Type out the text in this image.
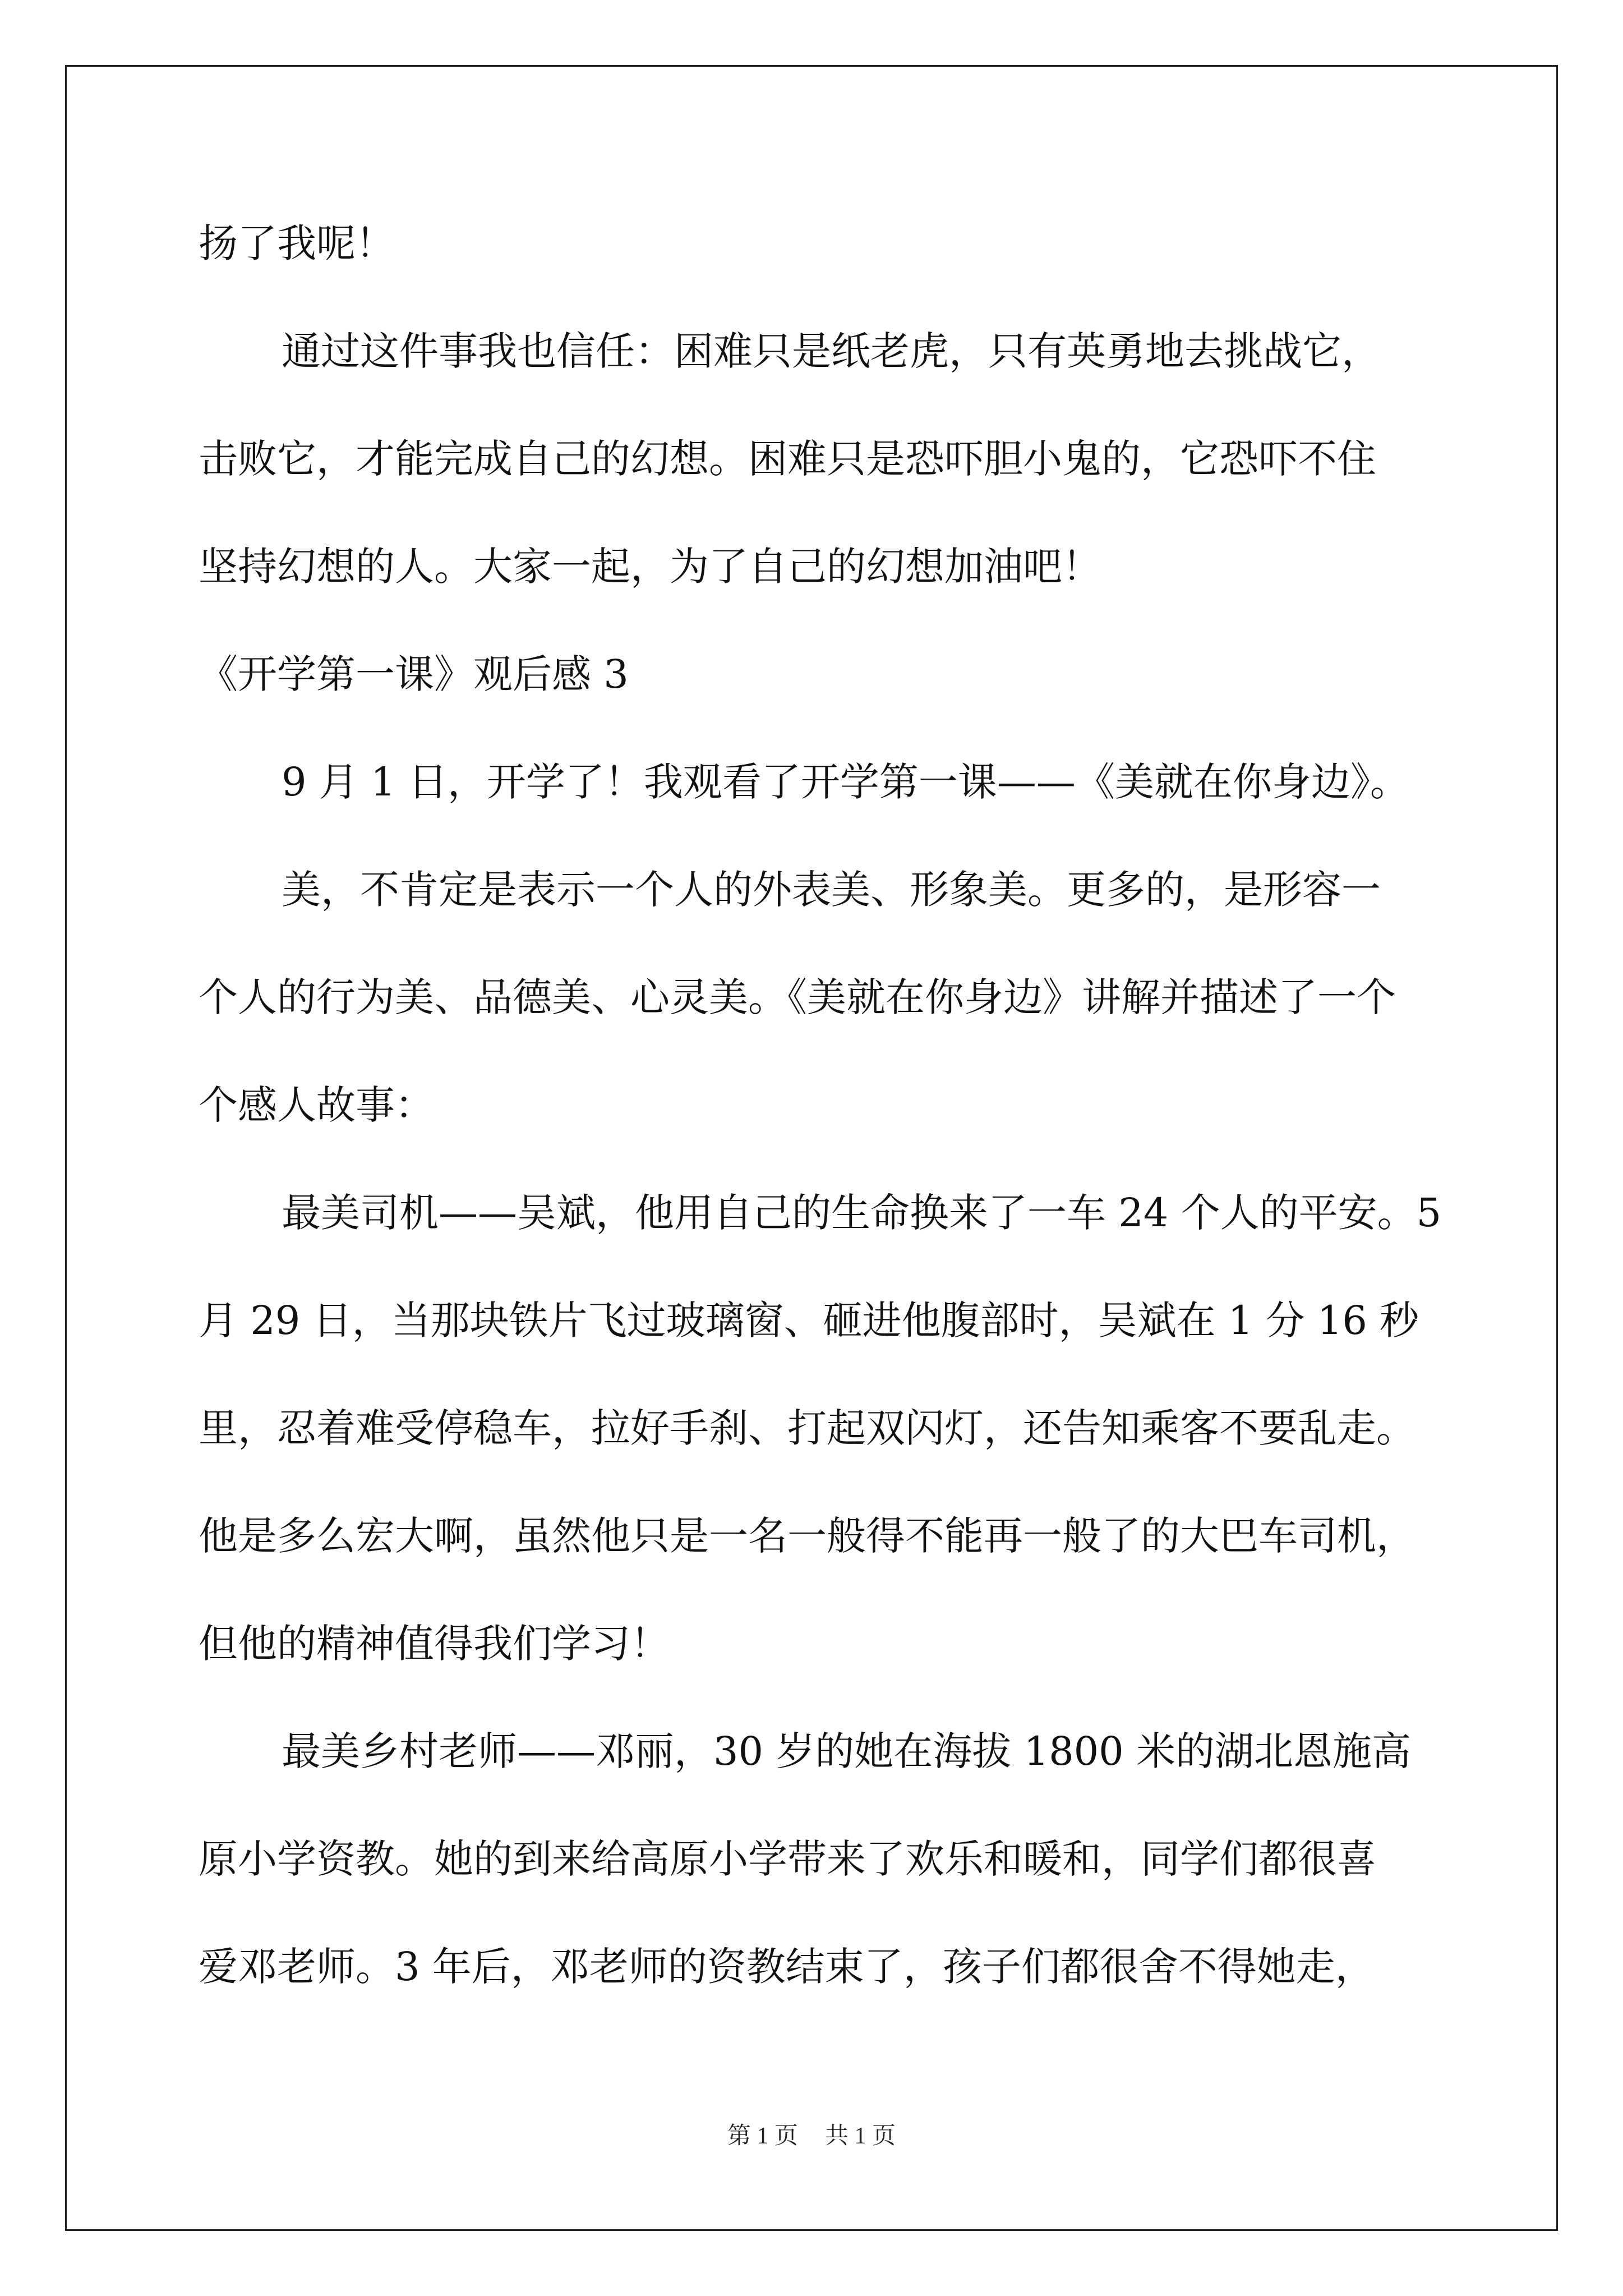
扬了我呢！
通过这件事我也信任：困难只是纸老虎，只有英勇地去挑战它，
击败它，才能完成自己的幻想。困难只是恐吓胆小鬼的，它恐吓不住
坚持幻想的人。大家一起，为了自己的幻想加油吧！
《开学第一课》观后感 3
9 月 1 日，开学了！我观看了开学第一课——《美就在你身边》。
美，不肯定是表示一个人的外表美、形象美。更多的，是形容一
个人的行为美、品德美、心灵美。《美就在你身边》讲解并描述了一个
个感人故事：
最美司机——吴斌，他用自己的生命换来了一车 24 个人的平安。5
月 29 日，当那块铁片飞过玻璃窗、砸进他腹部时，吴斌在 1 分 16 秒
里，忍着难受停稳车，拉好手刹、打起双闪灯，还告知乘客不要乱走。
他是多么宏大啊，虽然他只是一名一般得不能再一般了的大巴车司机，
但他的精神值得我们学习！
最美乡村老师——邓丽，30 岁的她在海拔 1800 米的湖北恩施高
原小学资教。她的到来给高原小学带来了欢乐和暖和，同学们都很喜
爱邓老师。3 年后，邓老师的资教结束了，孩子们都很舍不得她走，
第 1 页 共 1 页
